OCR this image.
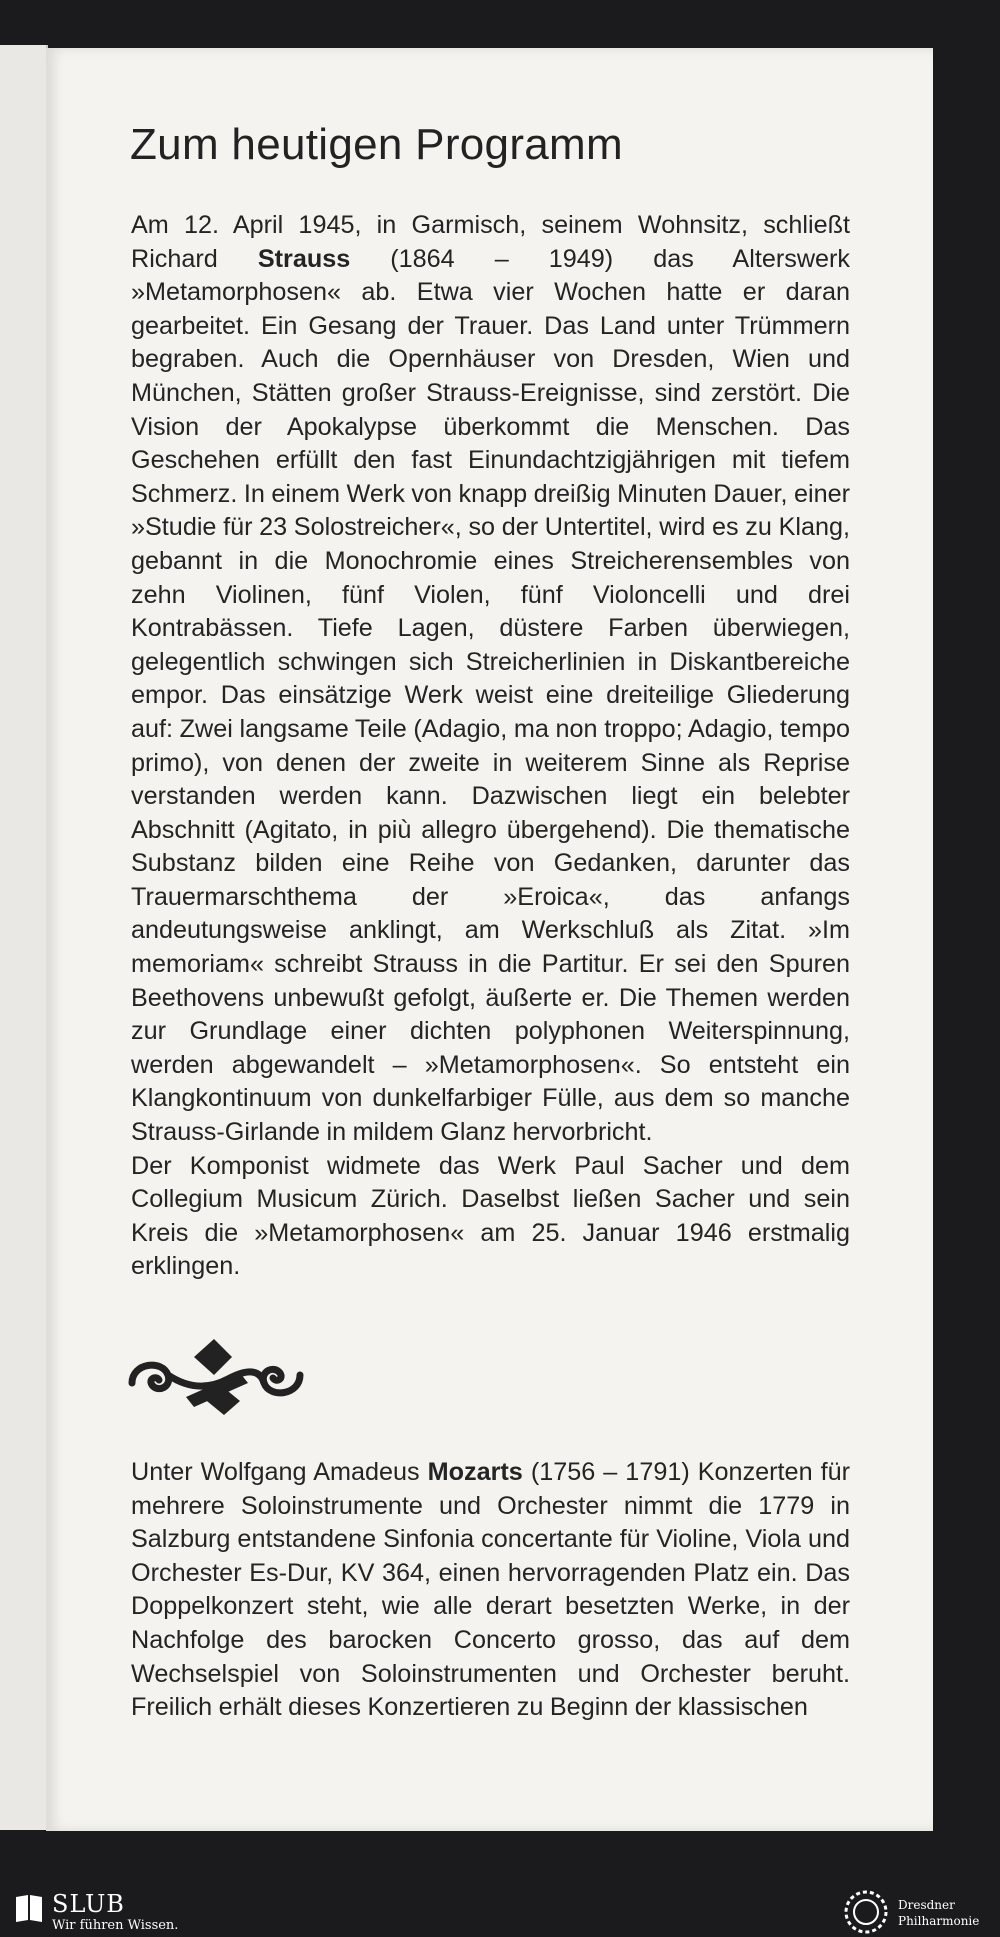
Zum heutigen Programm

Am 12. April 1945, in Garmisch, seinem Wohnsitz, schließt Richard Strauss (1864 – 1949) das Alterswerk »Metamorphosen« ab. Etwa vier Wochen hatte er daran gearbeitet. Ein Gesang der Trauer. Das Land unter Trümmern begraben. Auch die Opernhäuser von Dresden, Wien und München, Stätten großer Strauss-Ereignisse, sind zerstört. Die Vision der Apokalypse überkommt die Menschen. Das Geschehen erfüllt den fast Einundachtzigjährigen mit tiefem Schmerz. In einem Werk von knapp dreißig Minuten Dauer, einer »Studie für 23 Solostreicher«, so der Untertitel, wird es zu Klang, gebannt in die Monochromie eines Streicherensembles von zehn Violinen, fünf Violen, fünf Violoncelli und drei Kontrabässen. Tiefe Lagen, düstere Farben überwiegen, gelegentlich schwingen sich Streicherlinien in Diskantbereiche empor. Das einsätzige Werk weist eine dreiteilige Gliederung auf: Zwei langsame Teile (Adagio, ma non troppo; Adagio, tempo primo), von denen der zweite in weiterem Sinne als Reprise verstanden werden kann. Dazwischen liegt ein belebter Abschnitt (Agitato, in più allegro übergehend). Die thematische Substanz bilden eine Reihe von Gedanken, darunter das Trauermarschthema der »Eroica«, das anfangs andeutungsweise anklingt, am Werkschluß als Zitat. »Im memoriam« schreibt Strauss in die Partitur. Er sei den Spuren Beethovens unbewußt gefolgt, äußerte er. Die Themen werden zur Grundlage einer dichten polyphonen Weiterspinnung, werden abgewandelt – »Metamorphosen«. So entsteht ein Klangkontinuum von dunkelfarbiger Fülle, aus dem so manche Strauss-Girlande in mildem Glanz hervorbricht.

Der Komponist widmete das Werk Paul Sacher und dem Collegium Musicum Zürich. Daselbst ließen Sacher und sein Kreis die »Metamorphosen« am 25. Januar 1946 erstmalig erklingen.

Unter Wolfgang Amadeus Mozarts (1756 – 1791) Konzerten für mehrere Soloinstrumente und Orchester nimmt die 1779 in Salzburg entstandene Sinfonia concertante für Violine, Viola und Orchester Es-Dur, KV 364, einen hervorragenden Platz ein. Das Doppelkonzert steht, wie alle derart besetzten Werke, in der Nachfolge des barocken Concerto grosso, das auf dem Wechselspiel von Soloinstrumenten und Orchester beruht. Freilich erhält dieses Konzertieren zu Beginn der klassischen

SLUB
Wir führen Wissen.
Dresdner
Philharmonie
